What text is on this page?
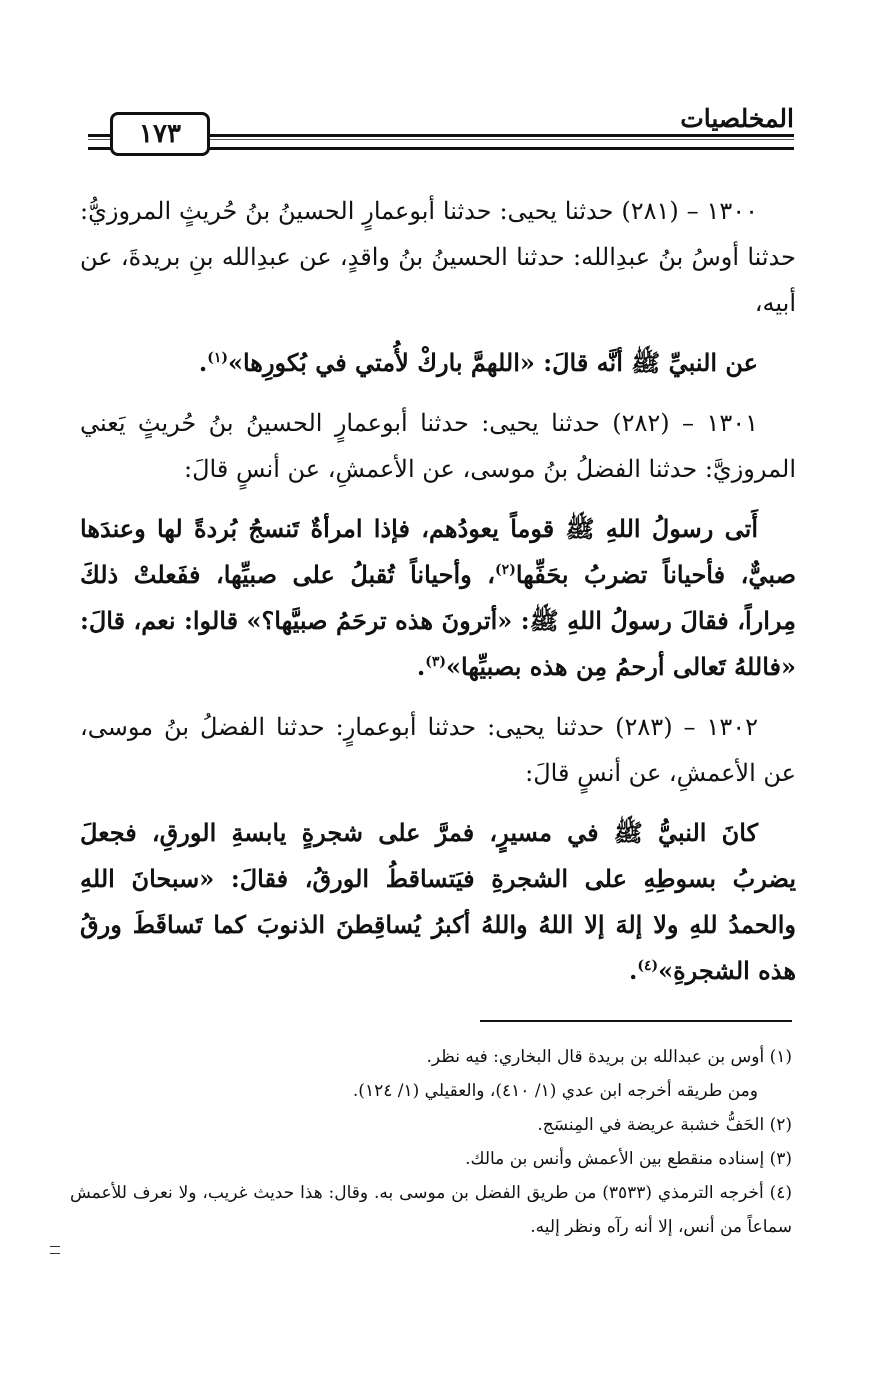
١٧٣
المخلصيات

١٣٠٠ – (٢٨١) حدثنا يحيى: حدثنا أبوعمارٍ الحسينُ بنُ حُريثٍ المروزيُّ: حدثنا أوسُ بنُ عبدِالله: حدثنا الحسينُ بنُ واقدٍ، عن عبدِالله بنِ بريدةَ، عن أبيه،

عن النبيِّ ﷺ أنَّه قالَ: «اللهمَّ باركْ لأُمتي في بُكورِها»$^{(١)}$.

١٣٠١ – (٢٨٢) حدثنا يحيى: حدثنا أبوعمارٍ الحسينُ بنُ حُريثٍ يَعني المروزيَّ: حدثنا الفضلُ بنُ موسى، عن الأعمشِ، عن أنسٍ قالَ:

أَتى رسولُ اللهِ ﷺ قوماً يعودُهم، فإذا امرأةٌ تَنسجُ بُردةً لها وعندَها صبيٌّ، فأحياناً تضربُ بحَفِّها$^{(٢)}$، وأحياناً تُقبلُ على صبيِّها، ففَعلتْ ذلكَ مِراراً، فقالَ رسولُ اللهِ ﷺ: «أترونَ هذه ترحَمُ صبيَّها؟» قالوا: نعم، قالَ: «فاللهُ تَعالى أرحمُ مِن هذه بصبيِّها»$^{(٣)}$.

١٣٠٢ – (٢٨٣) حدثنا يحيى: حدثنا أبوعمارٍ: حدثنا الفضلُ بنُ موسى، عن الأعمشِ، عن أنسٍ قالَ:

كانَ النبيُّ ﷺ في مسيرٍ، فمرَّ على شجرةٍ يابسةِ الورقِ، فجعلَ يضربُ بسوطِهِ على الشجرةِ فيَتساقطُ الورقُ، فقالَ: «سبحانَ اللهِ والحمدُ للهِ ولا إلهَ إلا اللهُ واللهُ أكبرُ يُساقِطنَ الذنوبَ كما تَساقَطَ ورقُ هذه الشجرةِ»$^{(٤)}$.

(١) أوس بن عبدالله بن بريدة قال البخاري: فيه نظر.

ومن طريقه أخرجه ابن عدي (١/ ٤١٠)، والعقيلي (١/ ١٢٤).

(٢) الحَفُّ خشبة عريضة في المِنسَج.

(٣) إسناده منقطع بين الأعمش وأنس بن مالك.

(٤) أخرجه الترمذي (٣٥٣٣) من طريق الفضل بن موسى به. وقال: هذا حديث غريب، ولا نعرف للأعمش سماعاً من أنس، إلا أنه رآه ونظر إليه.
